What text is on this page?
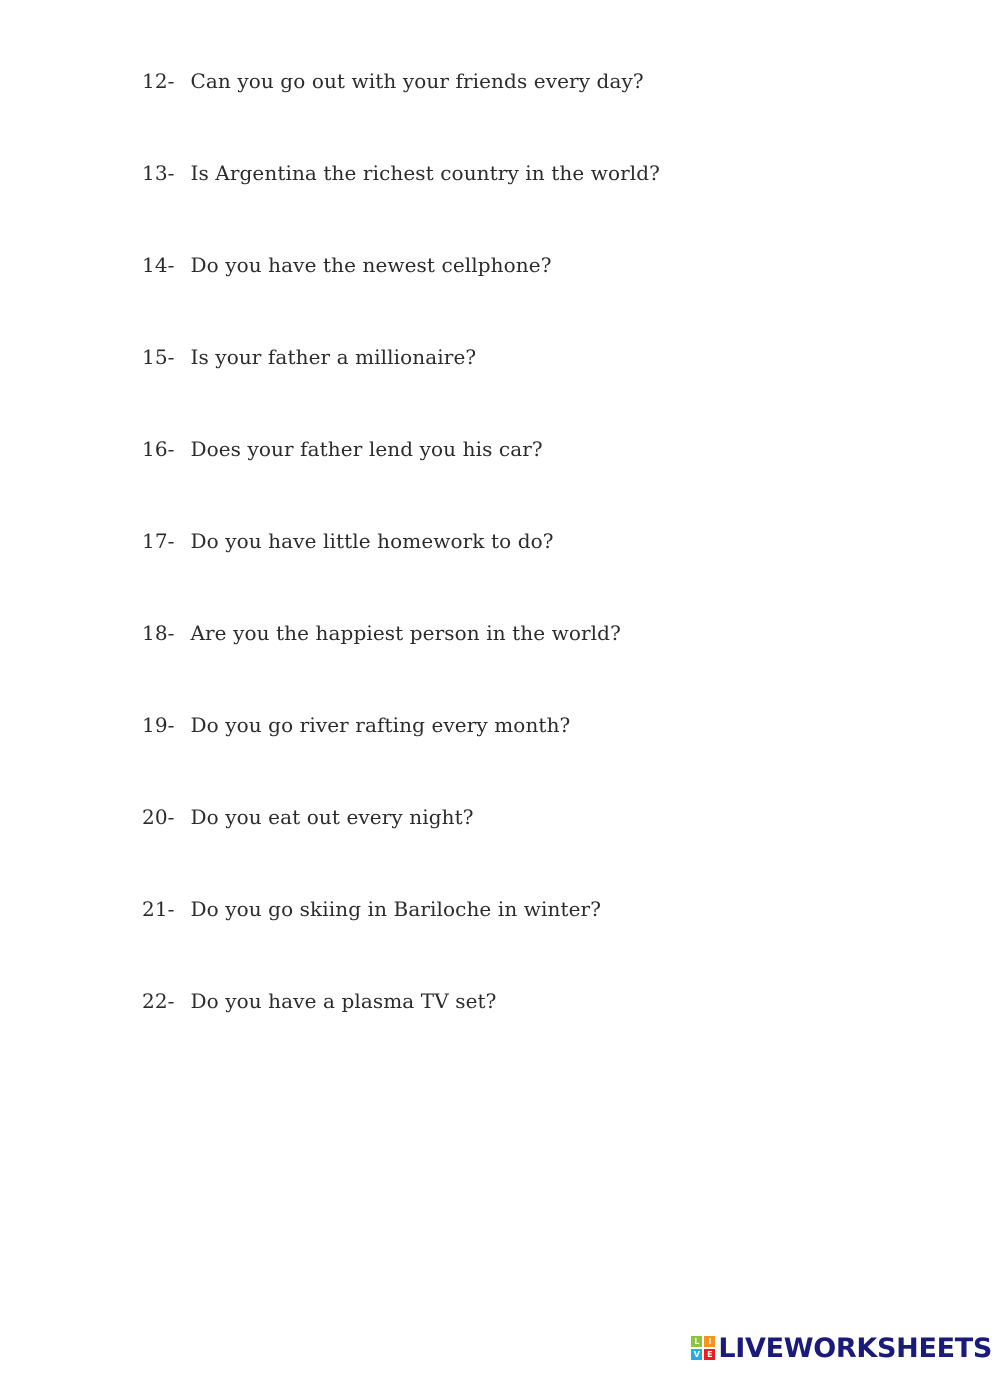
12- Can you go out with your friends every day?
13- Is Argentina the richest country in the world?
14- Do you have the newest cellphone?
15- Is your father a millionaire?
16- Does your father lend you his car?
17- Do you have little homework to do?
18- Are you the happiest person in the world?
19- Do you go river rafting every month?
20- Do you eat out every night?
21- Do you go skiing in Bariloche in winter?
22- Do you have a plasma TV set?
L	I
V E LIVEWORKSHEETS
